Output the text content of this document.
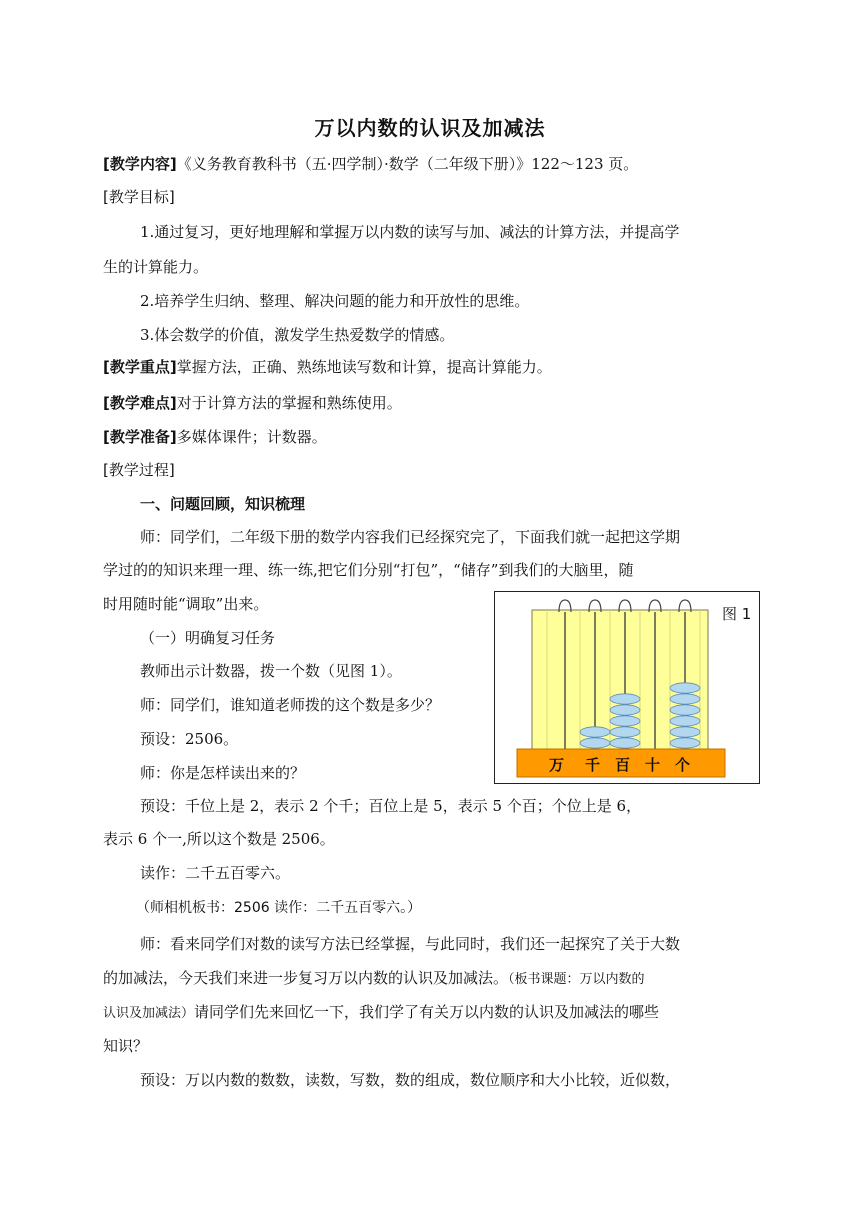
万以内数的认识及加减法
[教学内容]《义务教育教科书（五·四学制）·数学（二年级下册）》122～123 页。
[教学目标]
1.通过复习，更好地理解和掌握万以内数的读写与加、减法的计算方法，并提高学
生的计算能力。
2.培养学生归纳、整理、解决问题的能力和开放性的思维。
3.体会数学的价值，激发学生热爱数学的情感。
[教学重点]掌握方法，正确、熟练地读写数和计算，提高计算能力。
[教学难点]对于计算方法的掌握和熟练使用。
[教学准备]多媒体课件；计数器。
[教学过程]
一、问题回顾，知识梳理
师：同学们，二年级下册的数学内容我们已经探究完了，下面我们就一起把这学期
学过的的知识来理一理、练一练,把它们分别“打包”，“储存”到我们的大脑里，随
时用随时能“调取”出来。
（一）明确复习任务
教师出示计数器，拨一个数（见图 1）。
师：同学们，谁知道老师拨的这个数是多少？
预设：2506。
师：你是怎样读出来的？
预设：千位上是 2，表示 2 个千；百位上是 5，表示 5 个百；个位上是 6，
表示 6 个一,所以这个数是 2506。
读作：二千五百零六。
（师相机板书：2506 读作：二千五百零六。）
师：看来同学们对数的读写方法已经掌握，与此同时，我们还一起探究了关于大数
的加减法，今天我们来进一步复习万以内数的认识及加减法。（板书课题：万以内数的
认识及加减法）请同学们先来回忆一下，我们学了有关万以内数的认识及加减法的哪些
知识？
预设：万以内数的数数，读数，写数，数的组成，数位顺序和大小比较，近似数，
万 千 百 十 个
图 1
